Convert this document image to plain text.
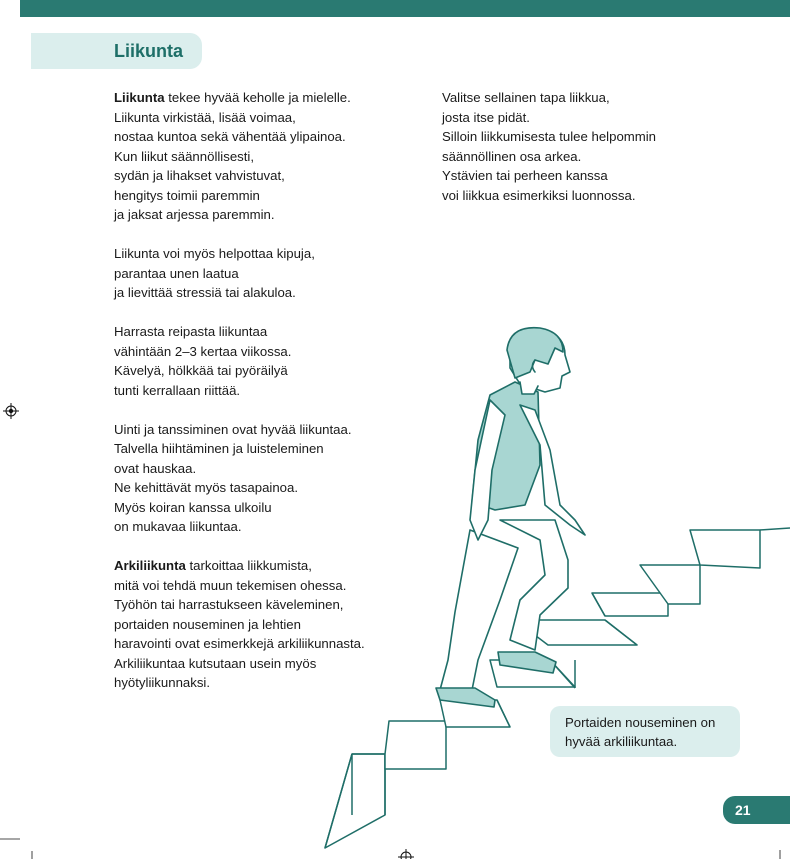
Liikunta

Liikunta tekee hyvää keholle ja mielelle.
Liikunta virkistää, lisää voimaa,
nostaa kuntoa sekä vähentää ylipainoa.
Kun liikut säännöllisesti,
sydän ja lihakset vahvistuvat,
hengitys toimii paremmin
ja jaksat arjessa paremmin.

Liikunta voi myös helpottaa kipuja,
parantaa unen laatua
ja lievittää stressiä tai alakuloa.

Harrasta reipasta liikuntaa
vähintään 2–3 kertaa viikossa.
Kävelyä, hölkkää tai pyöräilyä
tunti kerrallaan riittää.

Uinti ja tanssiminen ovat hyvää liikuntaa.
Talvella hiihtäminen ja luisteleminen
ovat hauskaa.
Ne kehittävät myös tasapainoa.
Myös koiran kanssa ulkoilu
on mukavaa liikuntaa.

Arkiliikunta tarkoittaa liikkumista,
mitä voi tehdä muun tekemisen ohessa.
Työhön tai harrastukseen käveleminen,
portaiden nouseminen ja lehtien
haravointi ovat esimerkkejä arkiliikunnasta.
Arkiliikuntaa kutsutaan usein myös
hyötyliikunnaksi.

Valitse sellainen tapa liikkua,
josta itse pidät.
Silloin liikkumisesta tulee helpommin
säännöllinen osa arkea.
Ystävien tai perheen kanssa
voi liikkua esimerkiksi luonnossa.

Portaiden nouseminen on
hyvää arkiliikuntaa.
21
